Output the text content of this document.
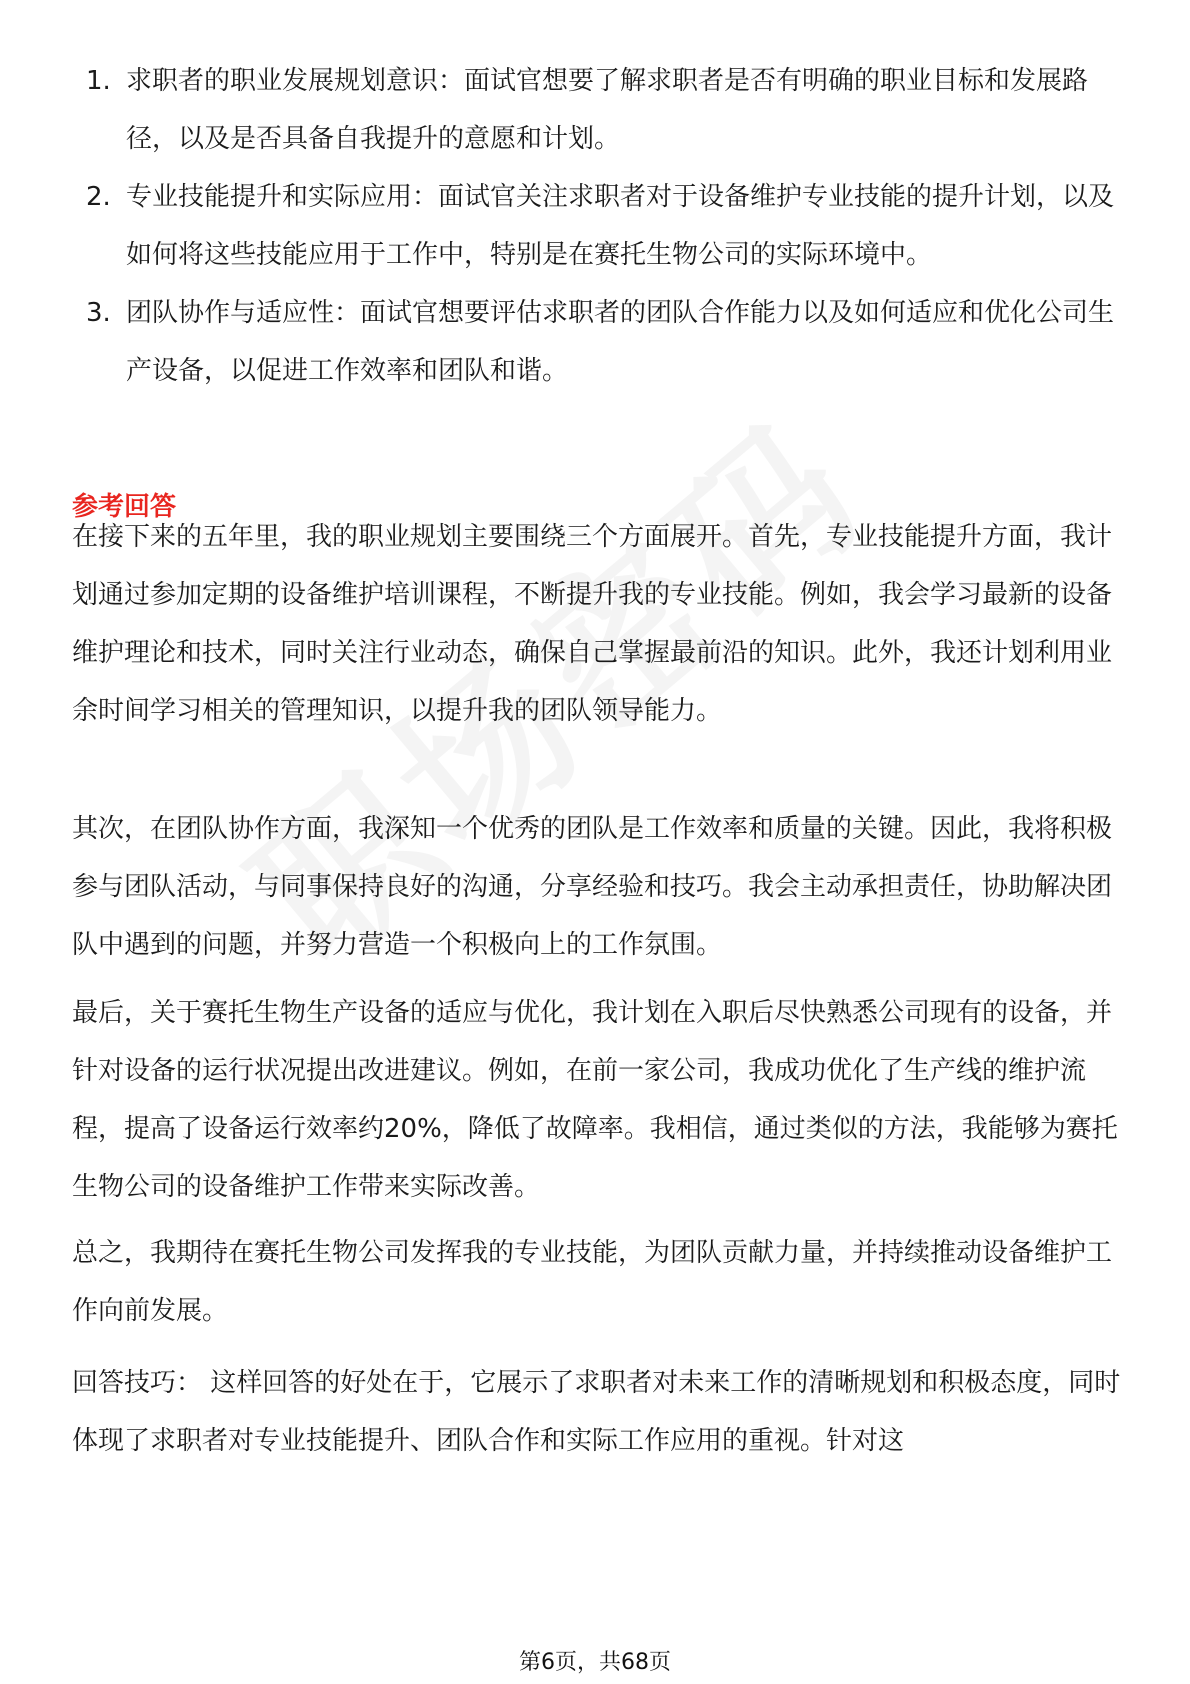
1. 求职者的职业发展规划意识：面试官想要了解求职者是否有明确的职业目标和发展路径，以及是否具备自我提升的意愿和计划。
2. 专业技能提升和实际应用：面试官关注求职者对于设备维护专业技能的提升计划，以及如何将这些技能应用于工作中，特别是在赛托生物公司的实际环境中。
3. 团队协作与适应性：面试官想要评估求职者的团队合作能力以及如何适应和优化公司生产设备，以促进工作效率和团队和谐。
参考回答

在接下来的五年里，我的职业规划主要围绕三个方面展开。首先，专业技能提升方面，我计划通过参加定期的设备维护培训课程，不断提升我的专业技能。例如，我会学习最新的设备维护理论和技术，同时关注行业动态，确保自己掌握最前沿的知识。此外，我还计划利用业余时间学习相关的管理知识，以提升我的团队领导能力。

其次，在团队协作方面，我深知一个优秀的团队是工作效率和质量的关键。因此，我将积极参与团队活动，与同事保持良好的沟通，分享经验和技巧。我会主动承担责任，协助解决团队中遇到的问题，并努力营造一个积极向上的工作氛围。

最后，关于赛托生物生产设备的适应与优化，我计划在入职后尽快熟悉公司现有的设备，并针对设备的运行状况提出改进建议。例如，在前一家公司，我成功优化了生产线的维护流程，提高了设备运行效率约20%，降低了故障率。我相信，通过类似的方法，我能够为赛托生物公司的设备维护工作带来实际改善。

总之，我期待在赛托生物公司发挥我的专业技能，为团队贡献力量，并持续推动设备维护工作向前发展。

回答技巧： 这样回答的好处在于，它展示了求职者对未来工作的清晰规划和积极态度，同时体现了求职者对专业技能提升、团队合作和实际工作应用的重视。针对这

第6页，共68页
